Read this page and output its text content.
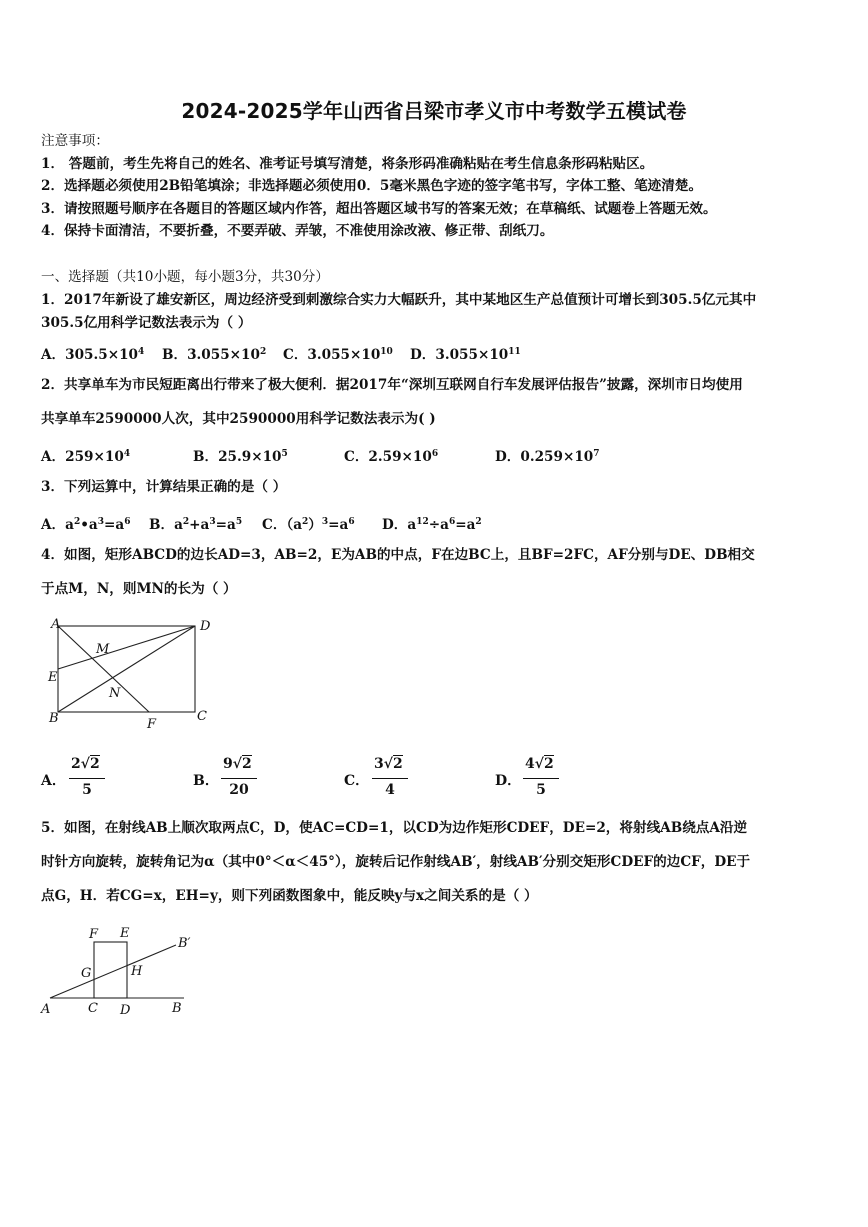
2024-2025学年山西省吕梁市孝义市中考数学五模试卷
注意事项：
1． 答题前，考生先将自己的姓名、准考证号填写清楚，将条形码准确粘贴在考生信息条形码粘贴区。
2．选择题必须使用2B铅笔填涂；非选择题必须使用0．5毫米黑色字迹的签字笔书写，字体工整、笔迹清楚。
3．请按照题号顺序在各题目的答题区域内作答，超出答题区域书写的答案无效；在草稿纸、试题卷上答题无效。
4．保持卡面清洁，不要折叠，不要弄破、弄皱，不准使用涂改液、修正带、刮纸刀。
一、选择题（共10小题，每小题3分，共30分）
1．2017年新设了雄安新区，周边经济受到刺激综合实力大幅跃升，其中某地区生产总值预计可增长到305.5亿元其中
305.5亿用科学记数法表示为（ ）
A．$305.5\times 10^4$ B．$3.055\times 10^2$ C．$3.055\times 10^{10}$ D．$3.055\times 10^{11}$
2．共享单车为市民短距离出行带来了极大便利．据2017年“深圳互联网自行车发展评估报告”披露，深圳市日均使用
共享单车2590000人次，其中2590000用科学记数法表示为( )
A．$259\times 10^4$	B．$25.9\times 10^5$	C．$2.59\times 10^6$	D．$0.259\times 10^7$
3．下列运算中，计算结果正确的是（ ）
A．$a^2•a^3=a^6$ B．$a^2+a^3=a^5$ C．$(a^2)^3=a^6$ D．$a^{12}\div a^6=a^2$
4．如图，矩形ABCD的边长AD=3，AB=2，E为AB的中点，F在边BC上，且BF=2FC，AF分别与DE、DB相交
于点M，N，则MN的长为（ ）
A	D
M
E
N
B	F
C
A．
2√2
5
B．
9√2
20
C．
3√2
4
D．
4√2
5
5．如图，在射线AB上顺次取两点C，D，使AC=CD=1，以CD为边作矩形CDEF，DE=2，将射线AB绕点A沿逆
时针方向旋转，旋转角记为α（其中0°＜α＜45°），旋转后记作射线AB′，射线AB′分别交矩形CDEF的边CF，DE于
点G，H．若CG=x，EH=y，则下列函数图象中，能反映y与x之间关系的是（ ）
F E
B′
G	H
A	C D	B
